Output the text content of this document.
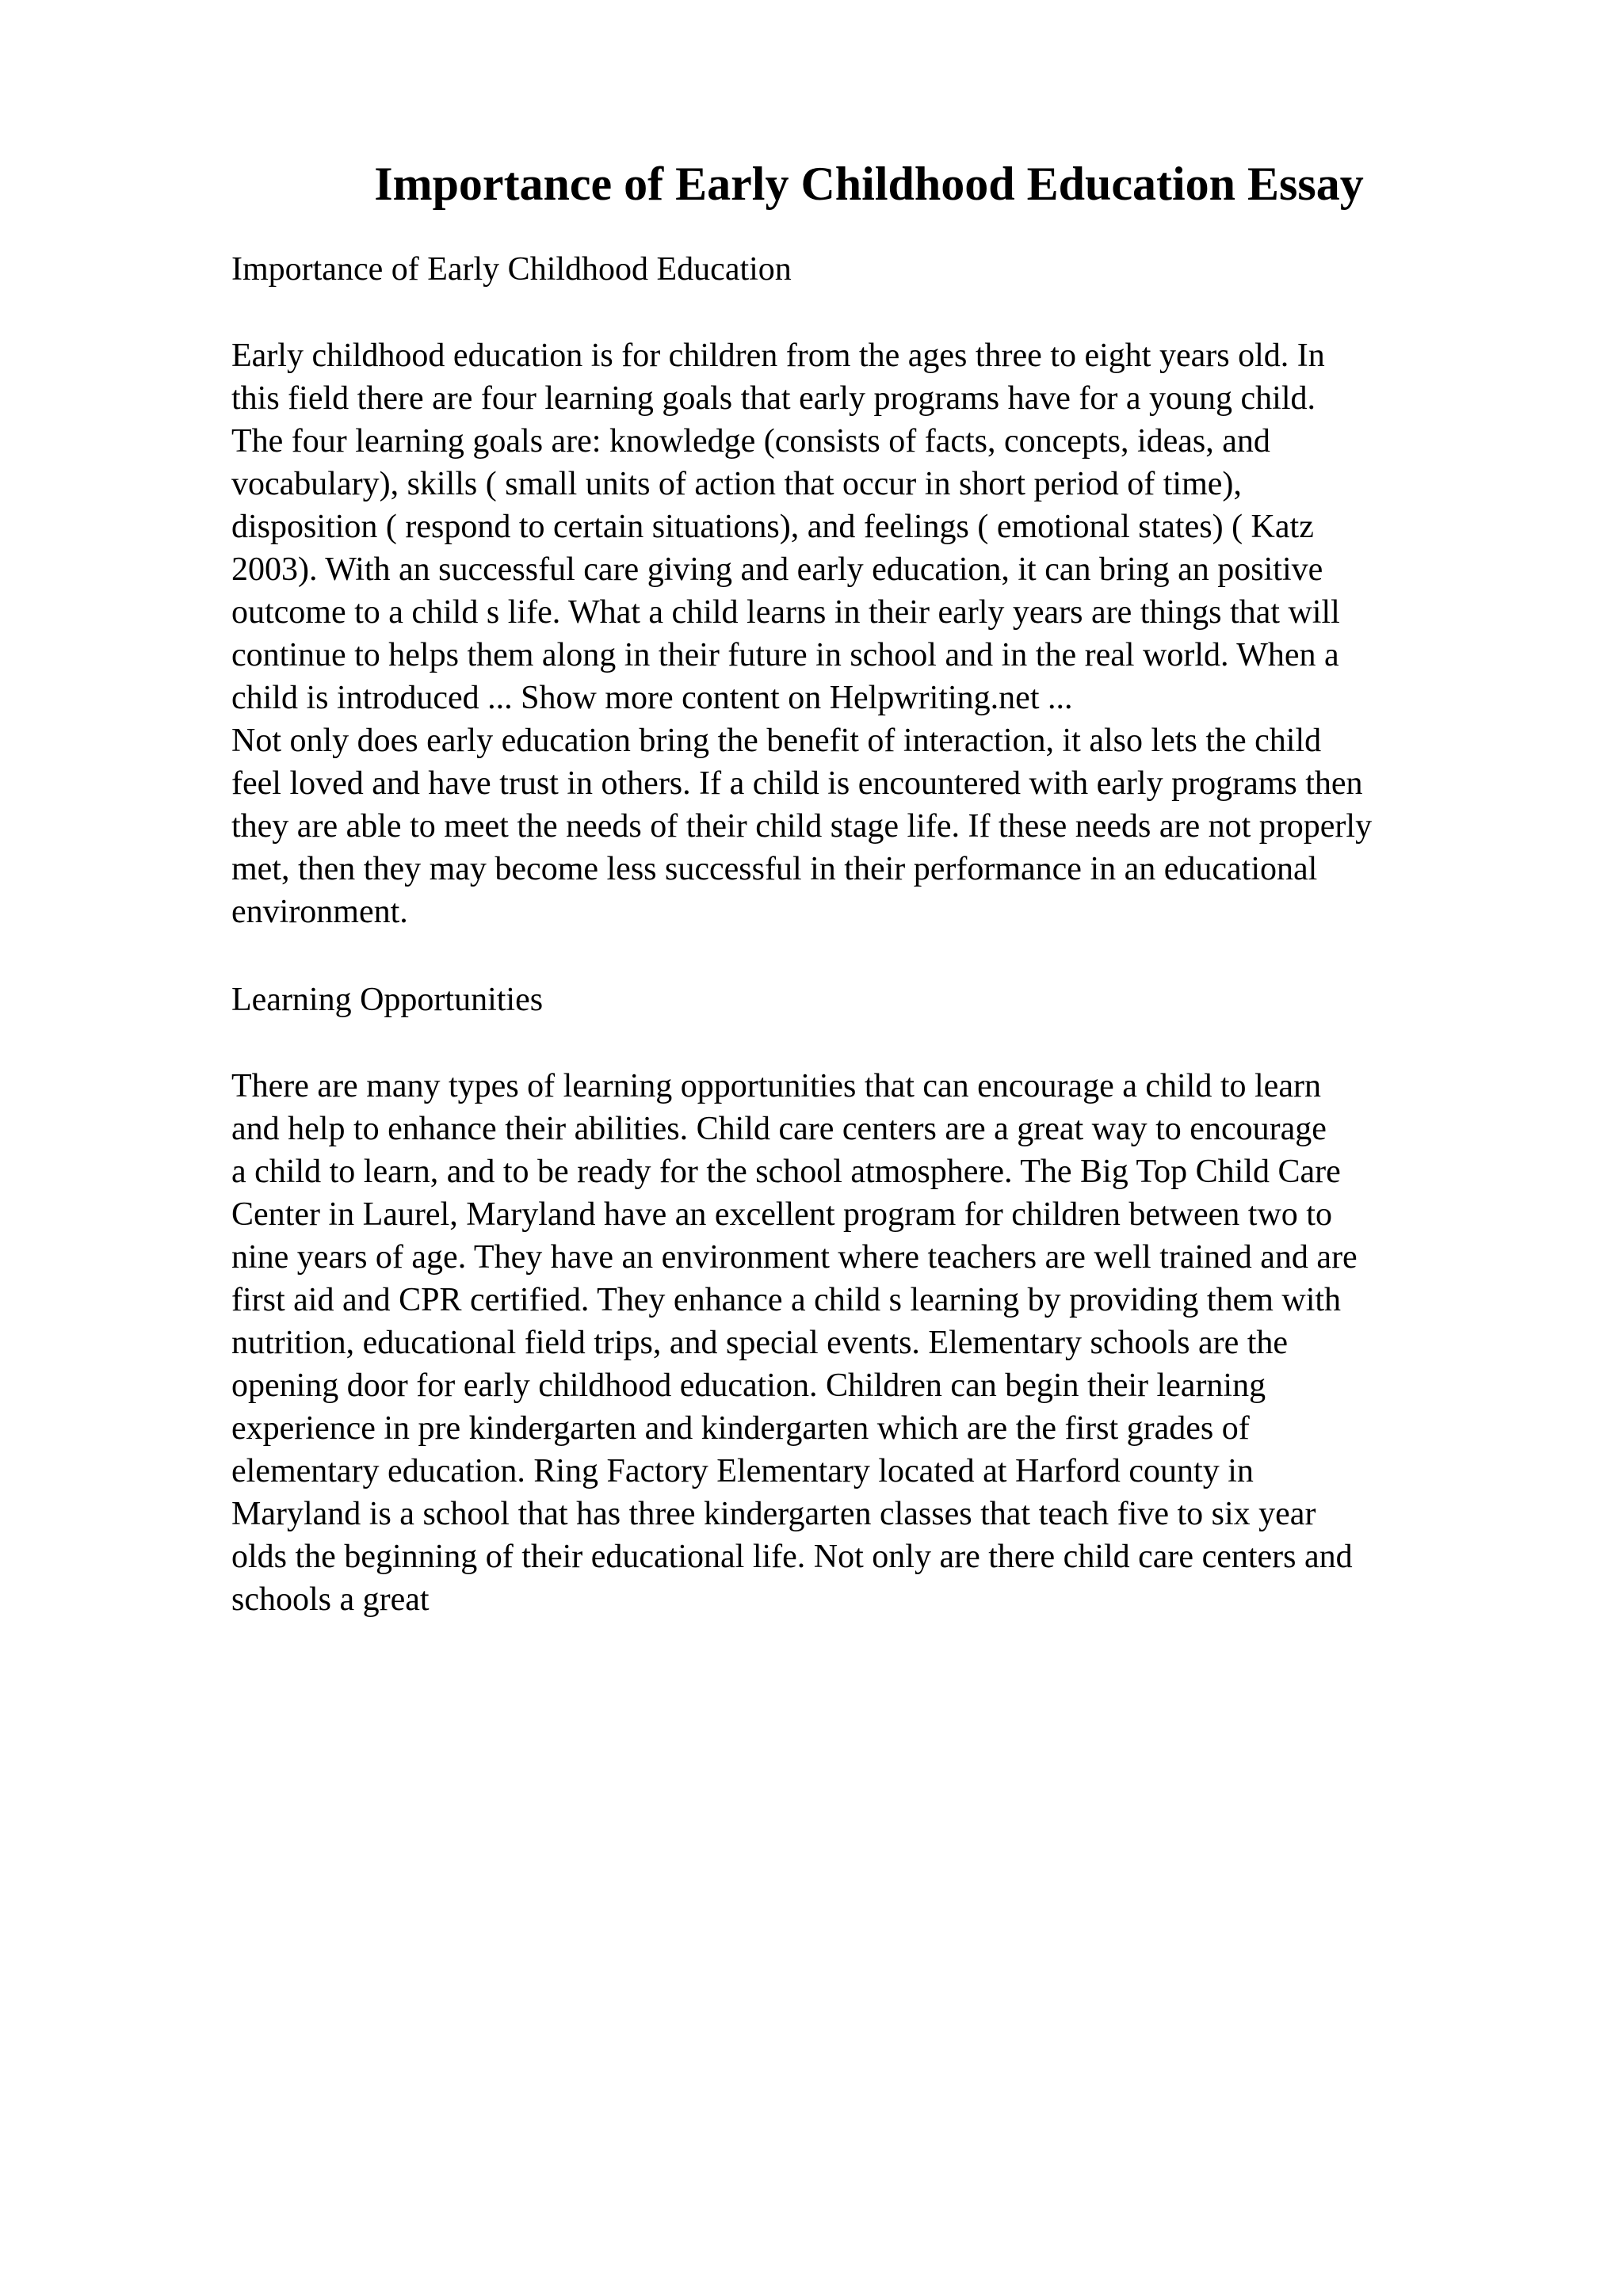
Importance of Early Childhood Education Essay
Importance of Early Childhood Education
Early childhood education is for children from the ages three to eight years old. In
this field there are four learning goals that early programs have for a young child.
The four learning goals are: knowledge (consists of facts, concepts, ideas, and
vocabulary), skills ( small units of action that occur in short period of time),
disposition ( respond to certain situations), and feelings ( emotional states) ( Katz
2003). With an successful care giving and early education, it can bring an positive
outcome to a child s life. What a child learns in their early years are things that will
continue to helps them along in their future in school and in the real world. When a
child is introduced ... Show more content on Helpwriting.net ...
Not only does early education bring the benefit of interaction, it also lets the child
feel loved and have trust in others. If a child is encountered with early programs then
they are able to meet the needs of their child stage life. If these needs are not properly
met, then they may become less successful in their performance in an educational
environment.
Learning Opportunities
There are many types of learning opportunities that can encourage a child to learn
and help to enhance their abilities. Child care centers are a great way to encourage
a child to learn, and to be ready for the school atmosphere. The Big Top Child Care
Center in Laurel, Maryland have an excellent program for children between two to
nine years of age. They have an environment where teachers are well trained and are
first aid and CPR certified. They enhance a child s learning by providing them with
nutrition, educational field trips, and special events. Elementary schools are the
opening door for early childhood education. Children can begin their learning
experience in pre kindergarten and kindergarten which are the first grades of
elementary education. Ring Factory Elementary located at Harford county in
Maryland is a school that has three kindergarten classes that teach five to six year
olds the beginning of their educational life. Not only are there child care centers and
schools a great
